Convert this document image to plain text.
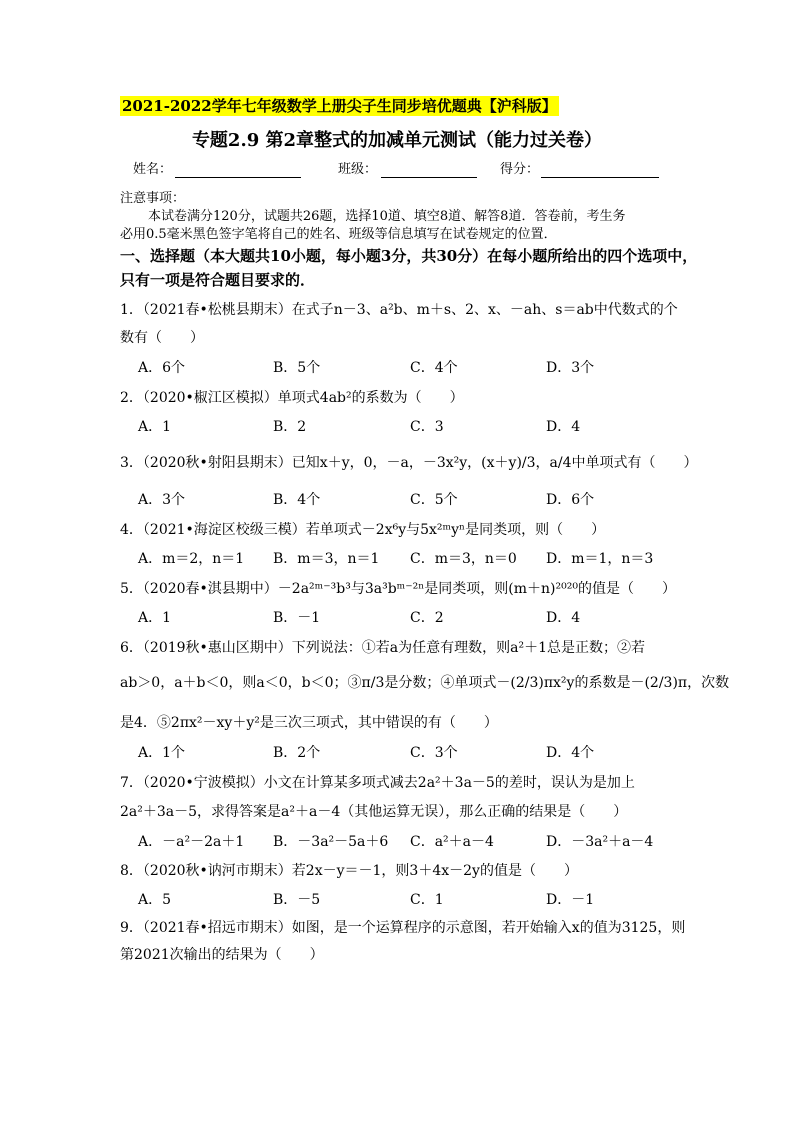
2021-2022学年七年级数学上册尖子生同步培优题典【沪科版】
专题2.9 第2章整式的加减单元测试（能力过关卷）
姓名：	班级：	得分：
注意事项：
本试卷满分120分，试题共26题，选择10道、填空8道、解答8道．答卷前，考生务
必用0.5毫米黑色签字笔将自己的姓名、班级等信息填写在试卷规定的位置．
一、选择题（本大题共10小题，每小题3分，共30分）在每小题所给出的四个选项中，
只有一项是符合题目要求的．
1．（2021春•松桃县期末）在式子n－3、a²b、m＋s、2、x、－ah、s＝ab中代数式的个
数有（　　）
A．6个	B．5个	C．4个	D．3个
2．（2020•椒江区模拟）单项式4ab²的系数为（　　）
A．1	B．2	C．3	D．4
3．（2020秋•射阳县期末）已知x＋y，0，－a，－3x²y，(x＋y)/3，a/4中单项式有（　　）
A．3个	B．4个	C．5个	D．6个
4．（2021•海淀区校级三模）若单项式－2x⁶y与5x²ᵐyⁿ是同类项，则（　　）
A．m＝2，n＝1 B．m＝3，n＝1 C．m＝3，n＝0 D．m＝1，n＝3
5．（2020春•淇县期中）－2a²ᵐ⁻³b³与3a³bᵐ⁻²ⁿ是同类项，则(m＋n)²⁰²⁰的值是（　　）
A．1	B．－1	C．2	D．4
6．（2019秋•惠山区期中）下列说法：①若a为任意有理数，则a²＋1总是正数；②若
ab＞0，a＋b＜0，则a＜0，b＜0；③π/3是分数；④单项式－(2/3)πx²y的系数是－(2/3)π，次数
是4．⑤2πx²－xy＋y²是三次三项式，其中错误的有（　　）
A．1个	B．2个	C．3个	D．4个
7．（2020•宁波模拟）小文在计算某多项式减去2a²＋3a－5的差时，误认为是加上
2a²＋3a－5，求得答案是a²＋a－4（其他运算无误），那么正确的结果是（　　）
A．－a²－2a＋1 B．－3a²－5a＋6 C．a²＋a－4	D．－3a²＋a－4
8．（2020秋•讷河市期末）若2x－y＝－1，则3＋4x－2y的值是（　　）
A．5	B．－5	C．1	D．－1
9．（2021春•招远市期末）如图，是一个运算程序的示意图，若开始输入x的值为3125，则
第2021次输出的结果为（　　）
